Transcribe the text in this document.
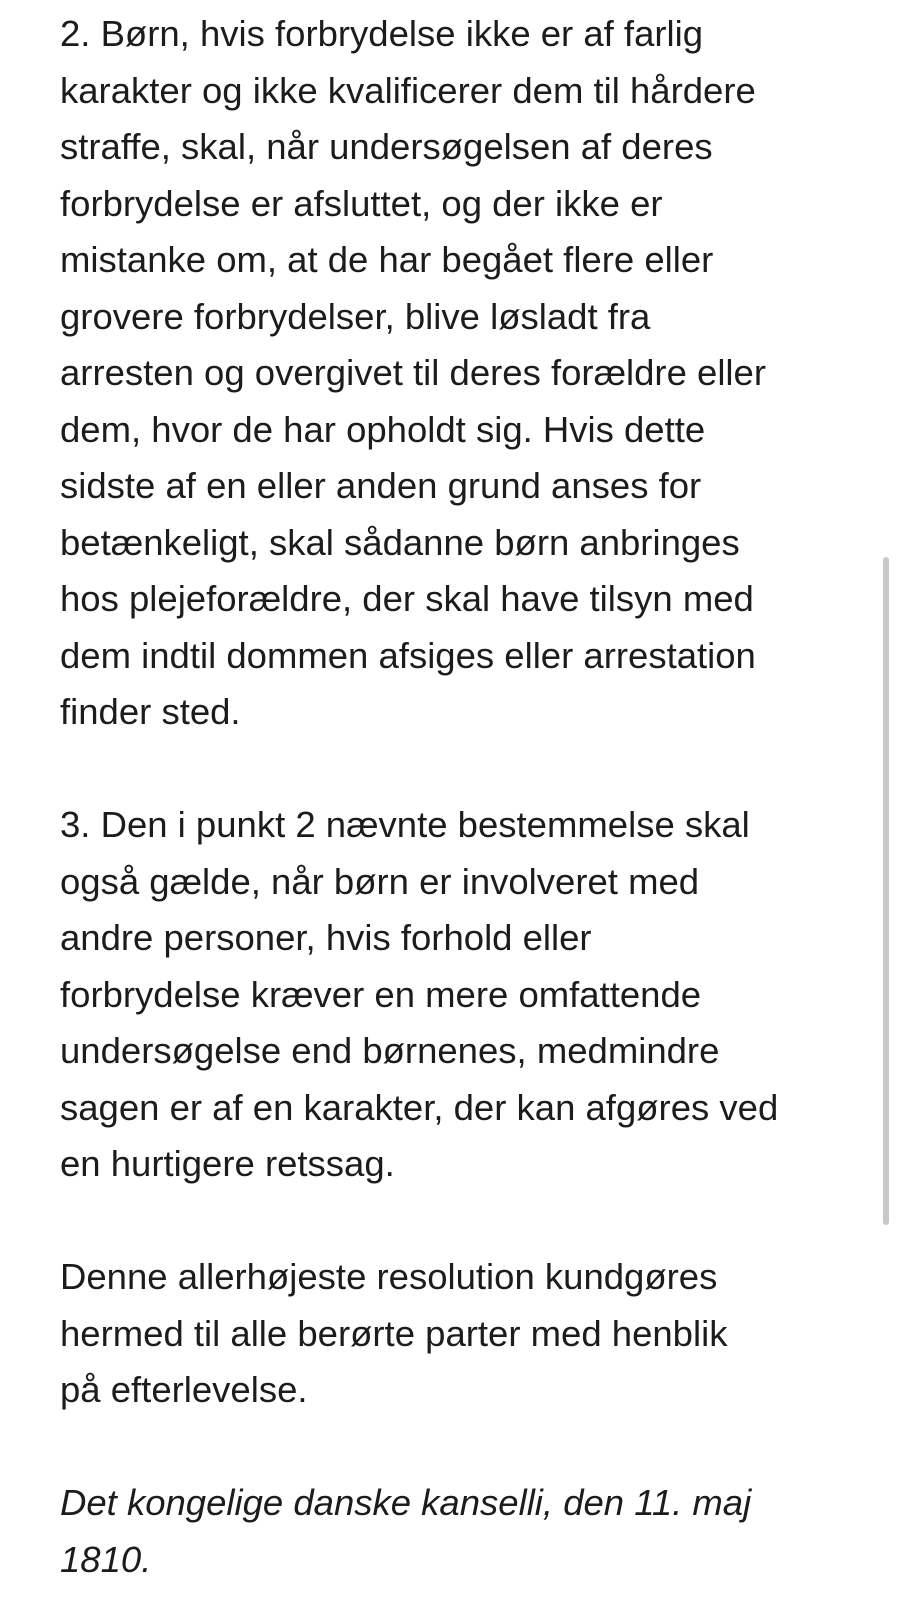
2. Børn, hvis forbrydelse ikke er af farlig
karakter og ikke kvalificerer dem til hårdere
straffe, skal, når undersøgelsen af deres
forbrydelse er afsluttet, og der ikke er
mistanke om, at de har begået flere eller
grovere forbrydelser, blive løsladt fra
arresten og overgivet til deres forældre eller
dem, hvor de har opholdt sig. Hvis dette
sidste af en eller anden grund anses for
betænkeligt, skal sådanne børn anbringes
hos plejeforældre, der skal have tilsyn med
dem indtil dommen afsiges eller arrestation
finder sted.

3. Den i punkt 2 nævnte bestemmelse skal
også gælde, når børn er involveret med
andre personer, hvis forhold eller
forbrydelse kræver en mere omfattende
undersøgelse end børnenes, medmindre
sagen er af en karakter, der kan afgøres ved
en hurtigere retssag.

Denne allerhøjeste resolution kundgøres
hermed til alle berørte parter med henblik
på efterlevelse.

Det kongelige danske kanselli, den 11. maj
1810.
